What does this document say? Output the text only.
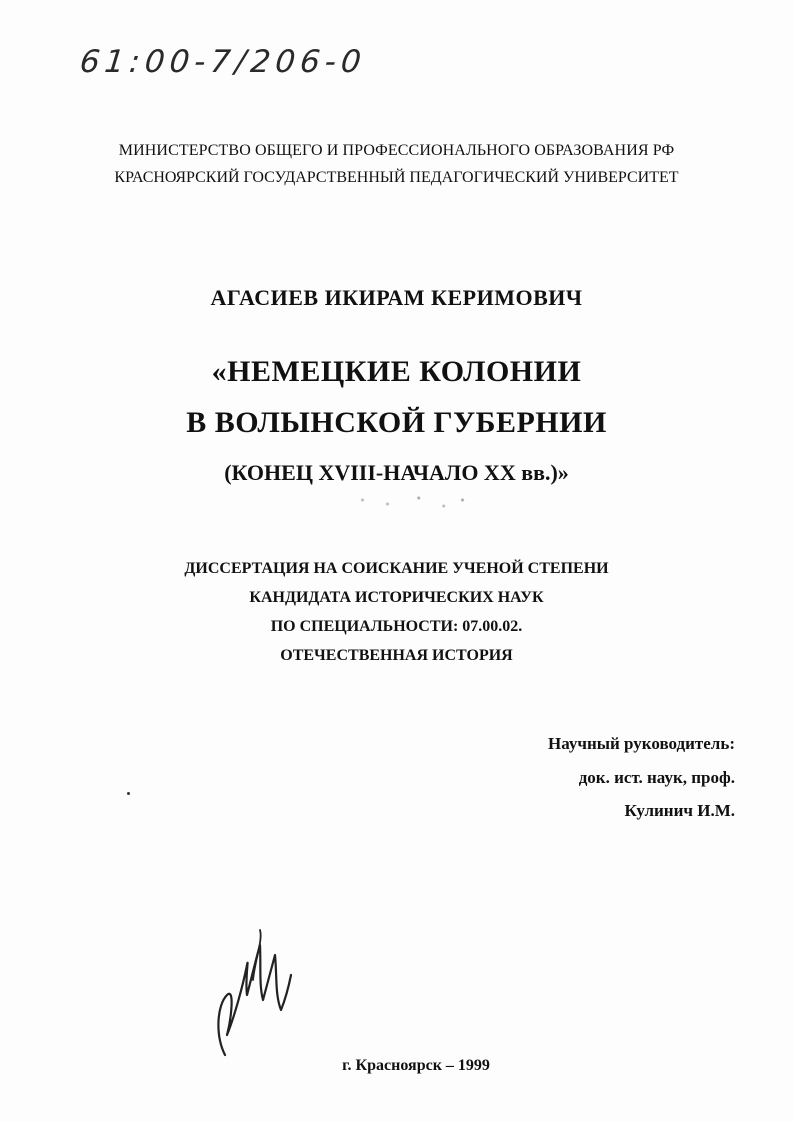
61:00-7/206-0
МИНИСТЕРСТВО ОБЩЕГО И ПРОФЕССИОНАЛЬНОГО ОБРАЗОВАНИЯ РФ
КРАСНОЯРСКИЙ ГОСУДАРСТВЕННЫЙ ПЕДАГОГИЧЕСКИЙ УНИВЕРСИТЕТ
АГАСИЕВ ИКИРАМ КЕРИМОВИЧ
«НЕМЕЦКИЕ КОЛОНИИ
В ВОЛЫНСКОЙ ГУБЕРНИИ
(КОНЕЦ XVIII-НАЧАЛО XX вв.)»
ДИССЕРТАЦИЯ НА СОИСКАНИЕ УЧЕНОЙ СТЕПЕНИ
КАНДИДАТА ИСТОРИЧЕСКИХ НАУК
ПО СПЕЦИАЛЬНОСТИ: 07.00.02.
ОТЕЧЕСТВЕННАЯ ИСТОРИЯ
Научный руководитель:
док. ист. наук, проф.
Кулинич И.М.
г. Красноярск – 1999
